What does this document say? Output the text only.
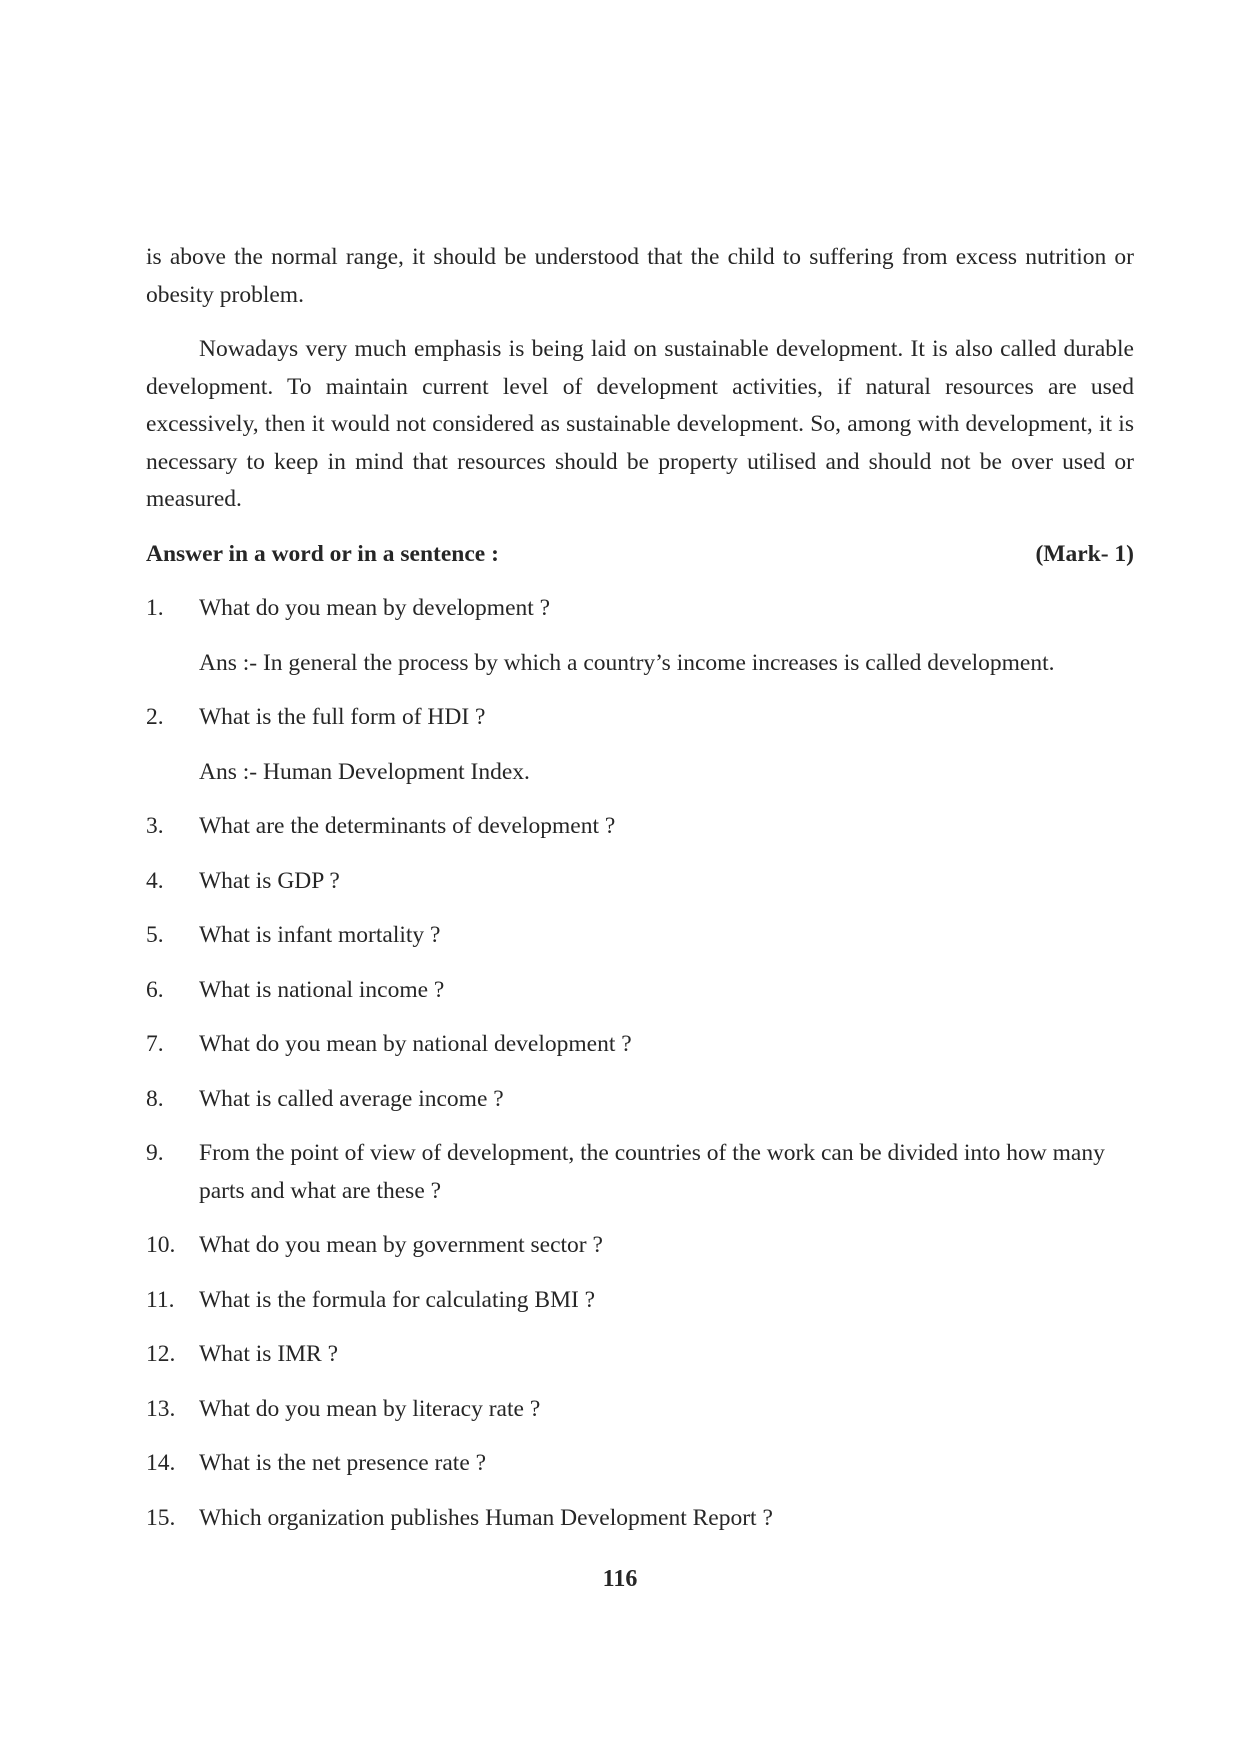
is above the normal range, it should be understood that the child to suffering from excess nutrition or obesity problem.

Nowadays very much emphasis is being laid on sustainable development. It is also called durable development. To maintain current level of development activities, if natural resources are used excessively, then it would not considered as sustainable development. So, among with development, it is necessary to keep in mind that resources should be property utilised and should not be over used or measured.

Answer in a word or in a sentence :	(Mark- 1)
1.	What do you mean by development ?
Ans :- In general the process by which a country’s income increases is called development.
2.	What is the full form of HDI ?
Ans :- Human Development Index.
3.	What are the determinants of development ?
4.	What is GDP ?
5.	What is infant mortality ?
6.	What is national income ?
7.	What do you mean by national development ?
8.	What is called average income ?
9.	From the point of view of development, the countries of the work can be divided into how many parts and what are these ?
10.	What do you mean by government sector ?
11.	What is the formula for calculating BMI ?
12.	What is IMR ?
13.	What do you mean by literacy rate ?
14.	What is the net presence rate ?
15.	Which organization publishes Human Development Report ?
116
